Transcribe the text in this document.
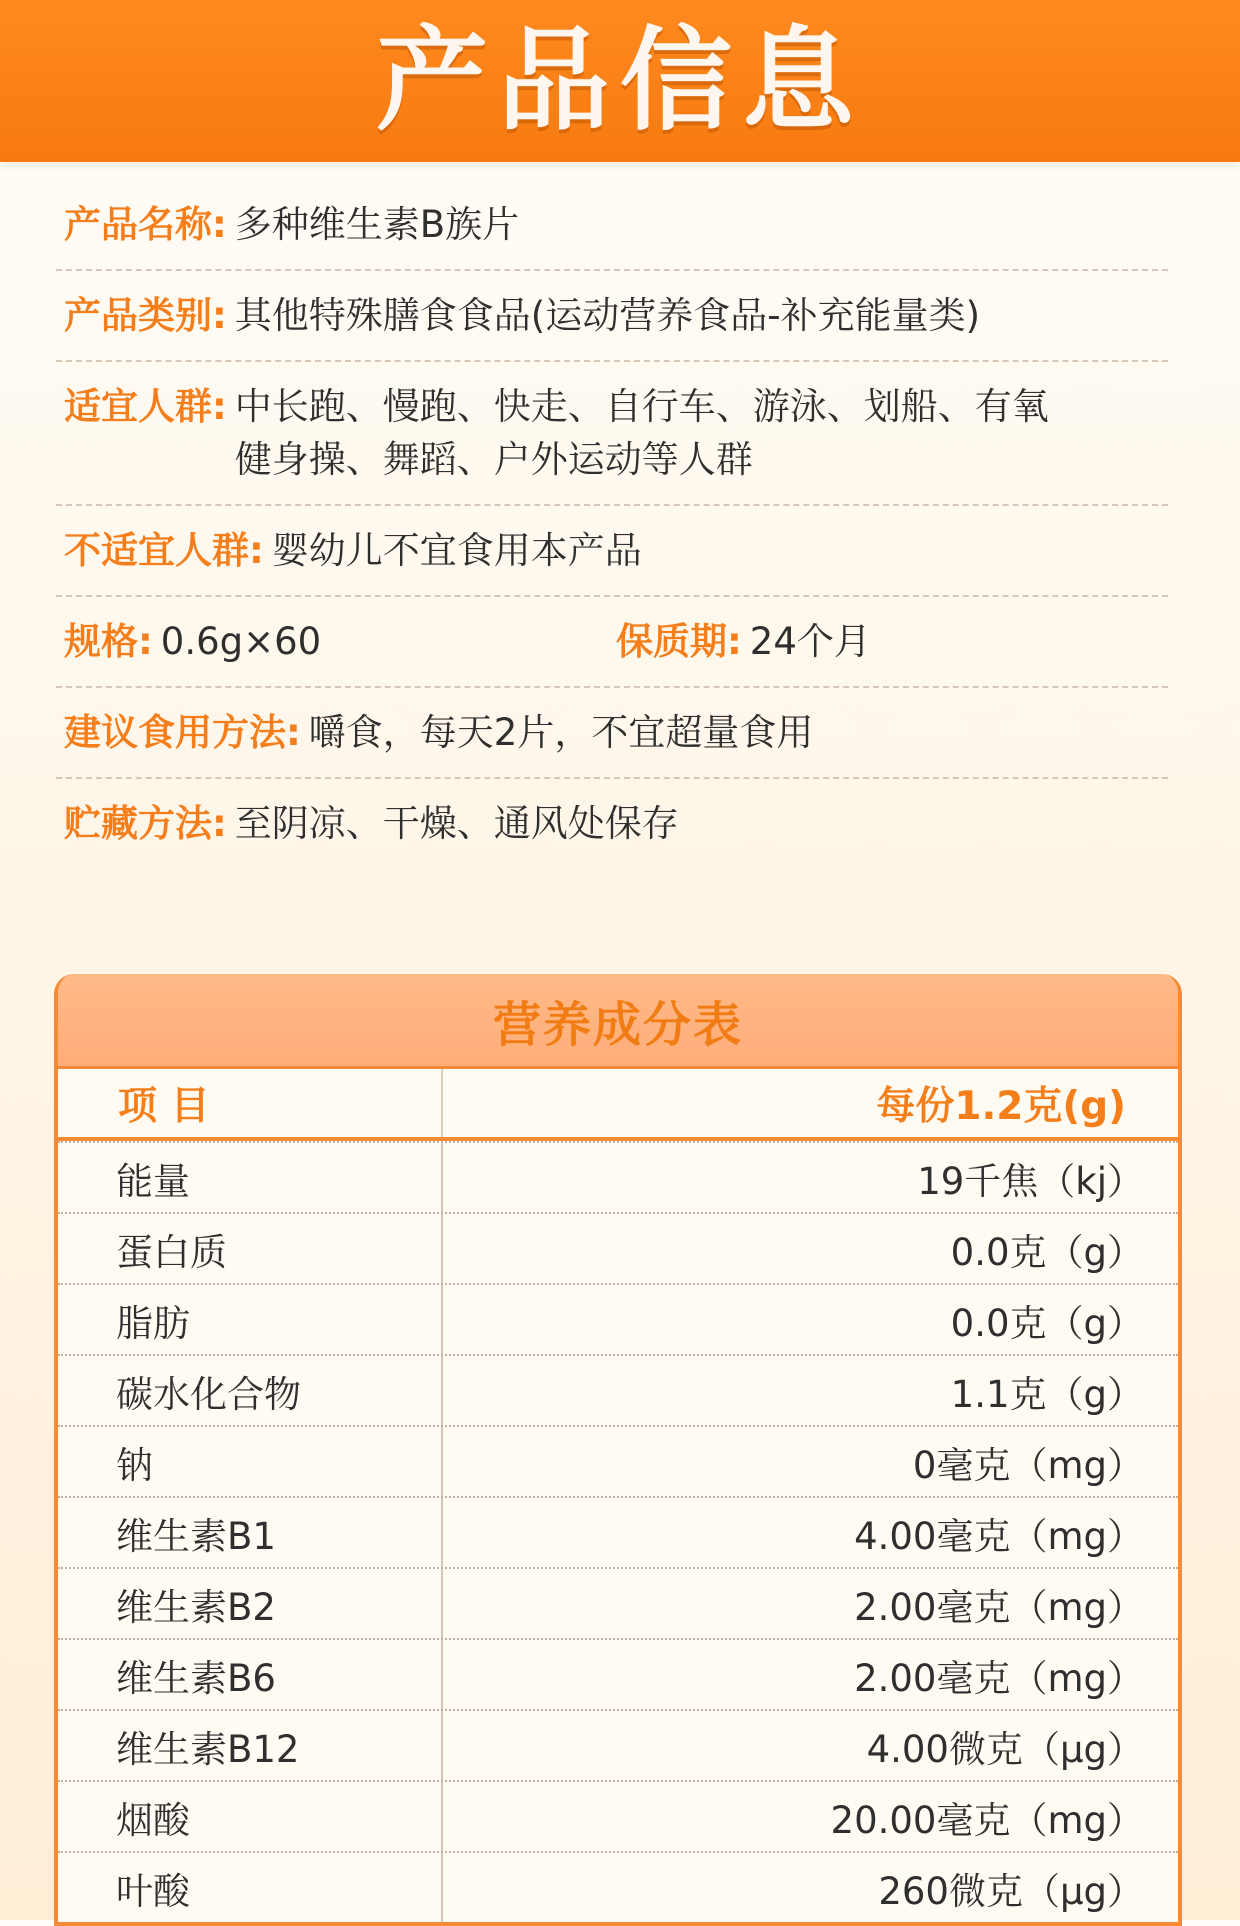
产品信息
产品名称: 多种维生素B族片
产品类别: 其他特殊膳食食品(运动营养食品-补充能量类)
适宜人群: 中长跑、慢跑、快走、自行车、游泳、划船、有氧
健身操、舞蹈、户外运动等人群
不适宜人群: 婴幼儿不宜食用本产品
规格: 0.6g×60	保质期: 24个月
建议食用方法: 嚼食，每天2片，不宜超量食用
贮藏方法: 至阴凉、干燥、通风处保存
营养成分表
项 目	每份1.2克(g)
能量	19千焦（kj）
蛋白质	0.0克（g）
脂肪	0.0克（g）
碳水化合物	1.1克（g）
钠	0毫克（mg）
维生素B1	4.00毫克（mg）
维生素B2	2.00毫克（mg）
维生素B6	2.00毫克（mg）
维生素B12	4.00微克（μg）
烟酸	20.00毫克（mg）
叶酸	260微克（μg）
